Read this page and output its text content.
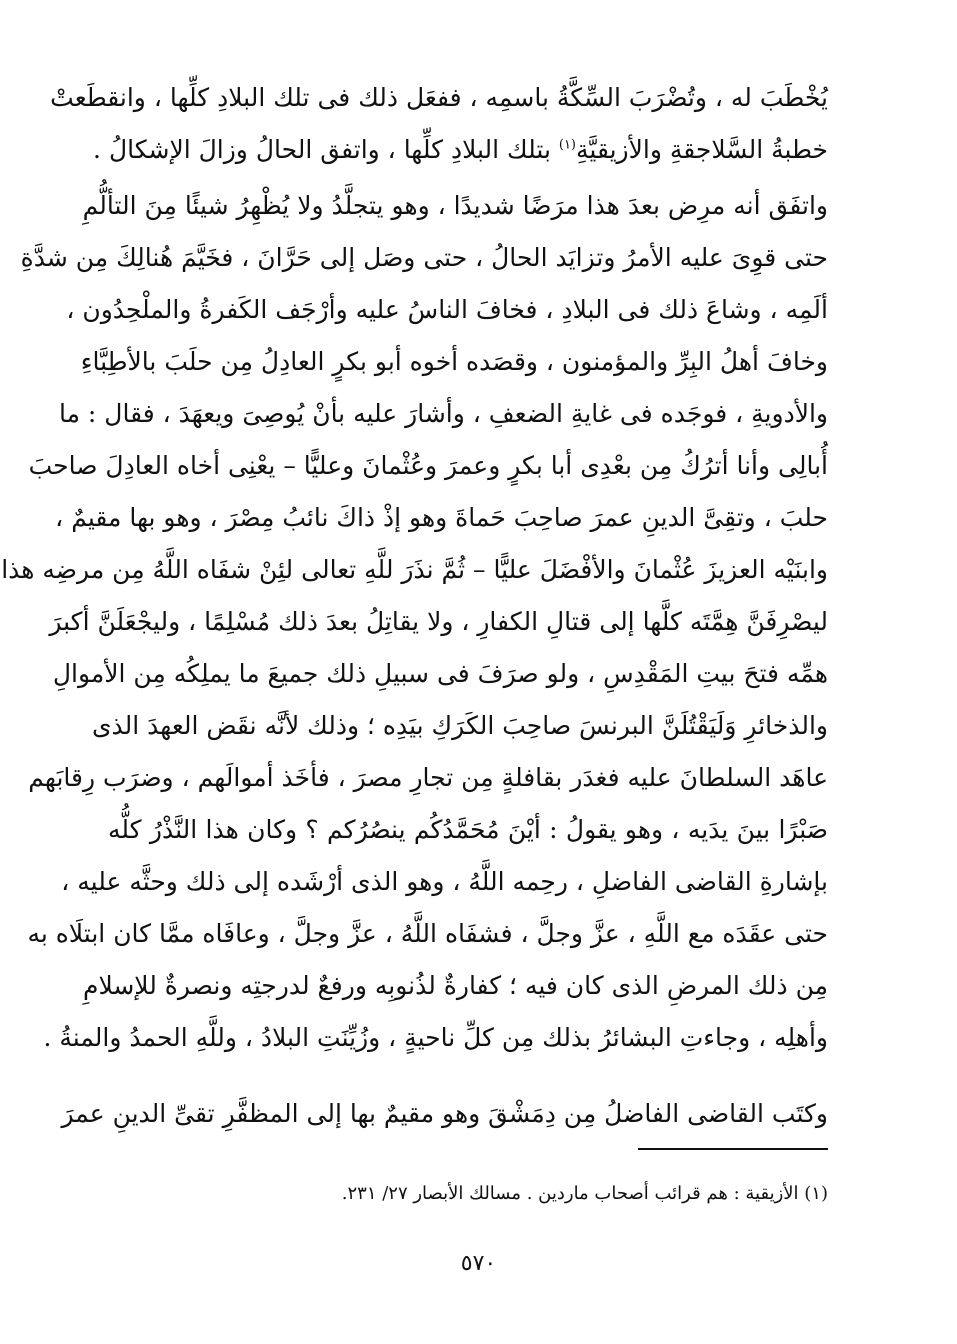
يُخْطَبَ له ، وتُضْرَبَ السِّكَّةُ باسمِه ، ففعَل ذلك فى تلك البلادِ كلِّها ، وانقطَعتْ
خطبةُ السَّلاجقةِ والأزيقيَّةِ$^{(١)}$ بتلك البلادِ كلِّها ، واتفق الحالُ وزالَ الإشكالُ .
واتفَق أنه مرِض بعدَ هذا مرَضًا شديدًا ، وهو يتجلَّدُ ولا يُظْهِرُ شيئًا مِنَ التألُّمِ
حتى قوِىَ عليه الأمرُ وتزايَد الحالُ ، حتى وصَل إلى حَرَّانَ ، فخَيَّمَ هُنالِكَ مِن شدَّةِ
ألَمِه ، وشاعَ ذلك فى البلادِ ، فخافَ الناسُ عليه وأرْجَف الكَفرةُ والملْحِدُون ،
وخافَ أهلُ البِرِّ والمؤمنون ، وقصَده أخوه أبو بكرٍ العادِلُ مِن حلَبَ بالأطِبَّاءِ
والأدويةِ ، فوجَده فى غايةِ الضعفِ ، وأشارَ عليه بأنْ يُوصِىَ ويعهَدَ ، فقال : ما
أُبالِى وأنا أترُكُ مِن بعْدِى أبا بكرٍ وعمرَ وعُثْمانَ وعليًّا – يعْنِى أخاه العادِلَ صاحبَ
حلبَ ، وتقِىَّ الدينِ عمرَ صاحِبَ حَماةَ وهو إذْ ذاكَ نائبُ مِصْرَ ، وهو بها مقيمٌ ،
وابنَيْه العزيزَ عُثْمانَ والأفْضَلَ عليًّا – ثُمَّ نذَرَ للَّهِ تعالى لئِنْ شفَاه اللَّهُ مِن مرضِه هذا
ليصْرِفَنَّ هِمَّتَه كلَّها إلى قتالِ الكفارِ ، ولا يقاتِلُ بعدَ ذلك مُسْلِمًا ، وليجْعَلَنَّ أكبرَ
همِّه فتحَ بيتِ المَقْدِسِ ، ولو صرَفَ فى سبيلِ ذلك جميعَ ما يملِكُه مِن الأموالِ
والذخائرِ وَلَيَقْتُلَنَّ البرنسَ صاحِبَ الكَرَكِ بيَدِه ؛ وذلك لأنَّه نقَض العهدَ الذى
عاهَد السلطانَ عليه فغدَر بقافلةٍ مِن تجارِ مصرَ ، فأخَذ أموالَهم ، وضرَب رِقابَهم
صَبْرًا بينَ يدَيه ، وهو يقولُ : أيْنَ مُحَمَّدُكُم ينصُرُكم ؟ وكان هذا النَّذْرُ كلُّه
بإشارةِ القاضى الفاضلِ ، رحِمه اللَّهُ ، وهو الذى أرْشَده إلى ذلك وحثَّه عليه ،
حتى عقَدَه مع اللَّهِ ، عزَّ وجلَّ ، فشفَاه اللَّهُ ، عزَّ وجلَّ ، وعافَاه ممَّا كان ابتلَاه به
مِن ذلك المرضِ الذى كان فيه ؛ كفارةٌ لذُنوبِه ورفعٌ لدرجتِه ونصرةٌ للإسلامِ
وأهلِه ، وجاءتِ البشائرُ بذلك مِن كلِّ ناحيةٍ ، وزُيِّنَتِ البلادُ ، وللَّهِ الحمدُ والمنةُ .
وكتَب القاضى الفاضلُ مِن دِمَشْقَ وهو مقيمٌ بها إلى المظفَّرِ تقىِّ الدينِ عمرَ
(١) الأزيقية : هم قرائب أصحاب ماردين . مسالك الأبصار ٢٧/ ٢٣١.
٥٧٠
